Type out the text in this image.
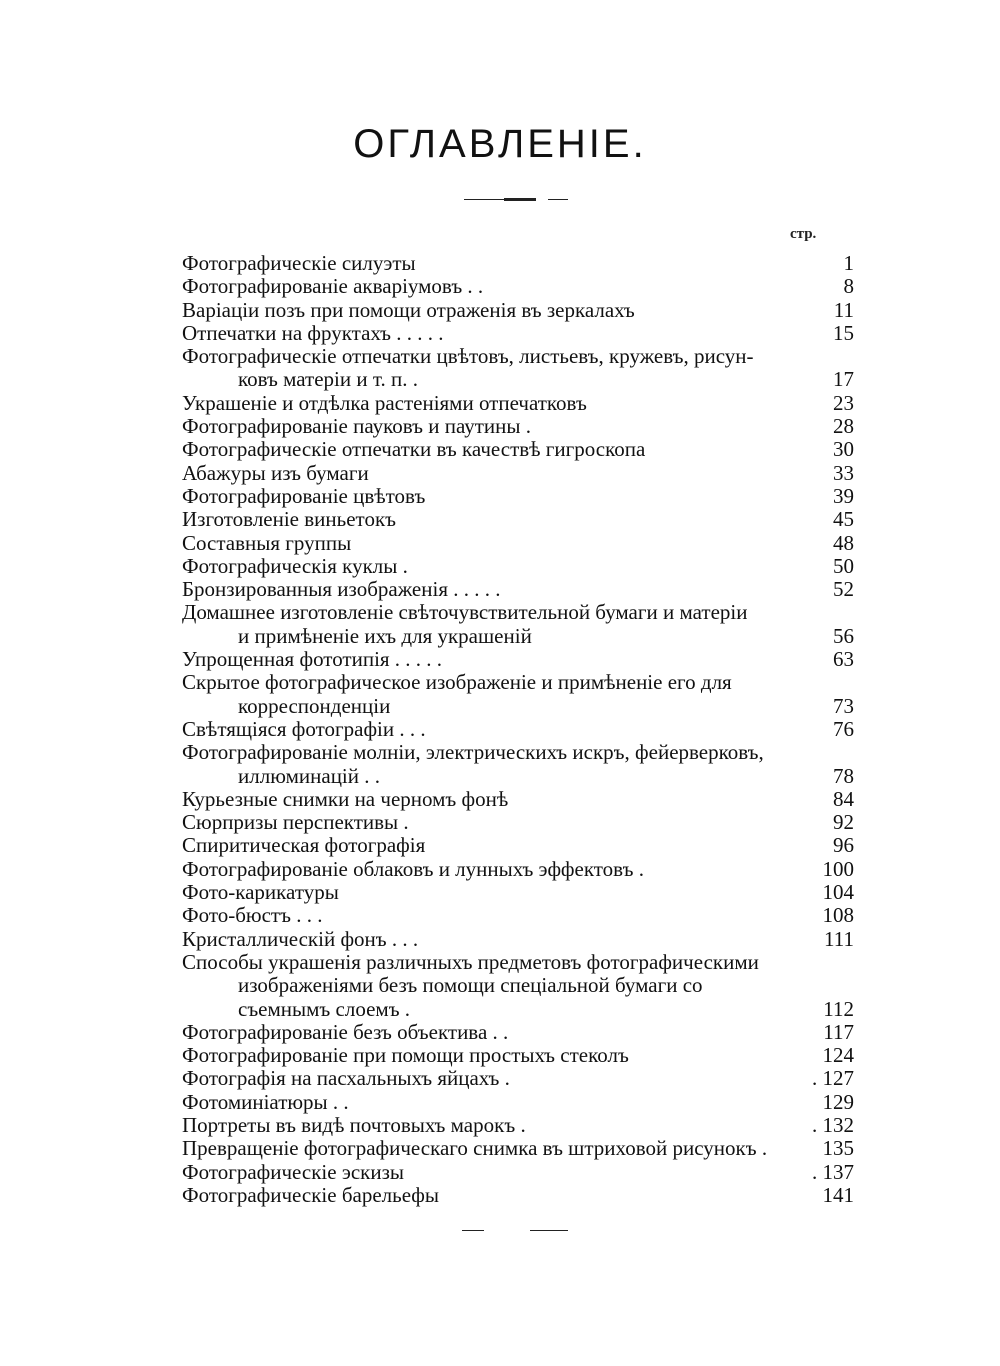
ОГЛАВЛЕНIЕ.
стр.
Фотографическіе силуэты	1
Фотографированіе акваріумовъ . .	8
Варіаціи позъ при помощи отраженія въ зеркалахъ	11
Отпечатки на фруктахъ . . . . .	15
Фотографическіе отпечатки цвѣтовъ, листьевъ, кружевъ, рисун-
ковъ матеріи и т. п. .	17
Украшеніе и отдѣлка растеніями отпечатковъ	23
Фотографированіе пауковъ и паутины .	28
Фотографическіе отпечатки въ качествѣ гигроскопа	30
Абажуры изъ бумаги	33
Фотографированіе цвѣтовъ	39
Изготовленіе виньетокъ	45
Составныя группы	48
Фотографическія куклы .	50
Бронзированныя изображенія . . . . .	52
Домашнее изготовленіе свѣточувствительной бумаги и матеріи
и примѣненіе ихъ для украшеній	56
Упрощенная фототипія . . . . .	63
Скрытое фотографическое изображеніе и примѣненіе его для
корреспонденціи	73
Свѣтящіяся фотографіи . . .	76
Фотографированіе молніи, электрическихъ искръ, фейерверковъ,
иллюминацій . .	78
Курьезные снимки на черномъ фонѣ	84
Сюрпризы перспективы .	92
Спиритическая фотографія	96
Фотографированіе облаковъ и лунныхъ эффектовъ .	100
Фото-карикатуры	104
Фото-бюстъ . . .	108
Кристаллическій фонъ . . .	111
Способы украшенія различныхъ предметовъ фотографическими
изображеніями безъ помощи спеціальной бумаги со
съемнымъ слоемъ .	112
Фотографированіе безъ объектива . .	117
Фотографированіе при помощи простыхъ стеколъ	124
Фотографія на пасхальныхъ яйцахъ .	. 127
Фотоминіатюры . .	129
Портреты въ видѣ почтовыхъ марокъ .	. 132
Превращеніе фотографическаго снимка въ штриховой рисунокъ .	135
Фотографическіе эскизы	. 137
Фотографическіе барельефы	141
